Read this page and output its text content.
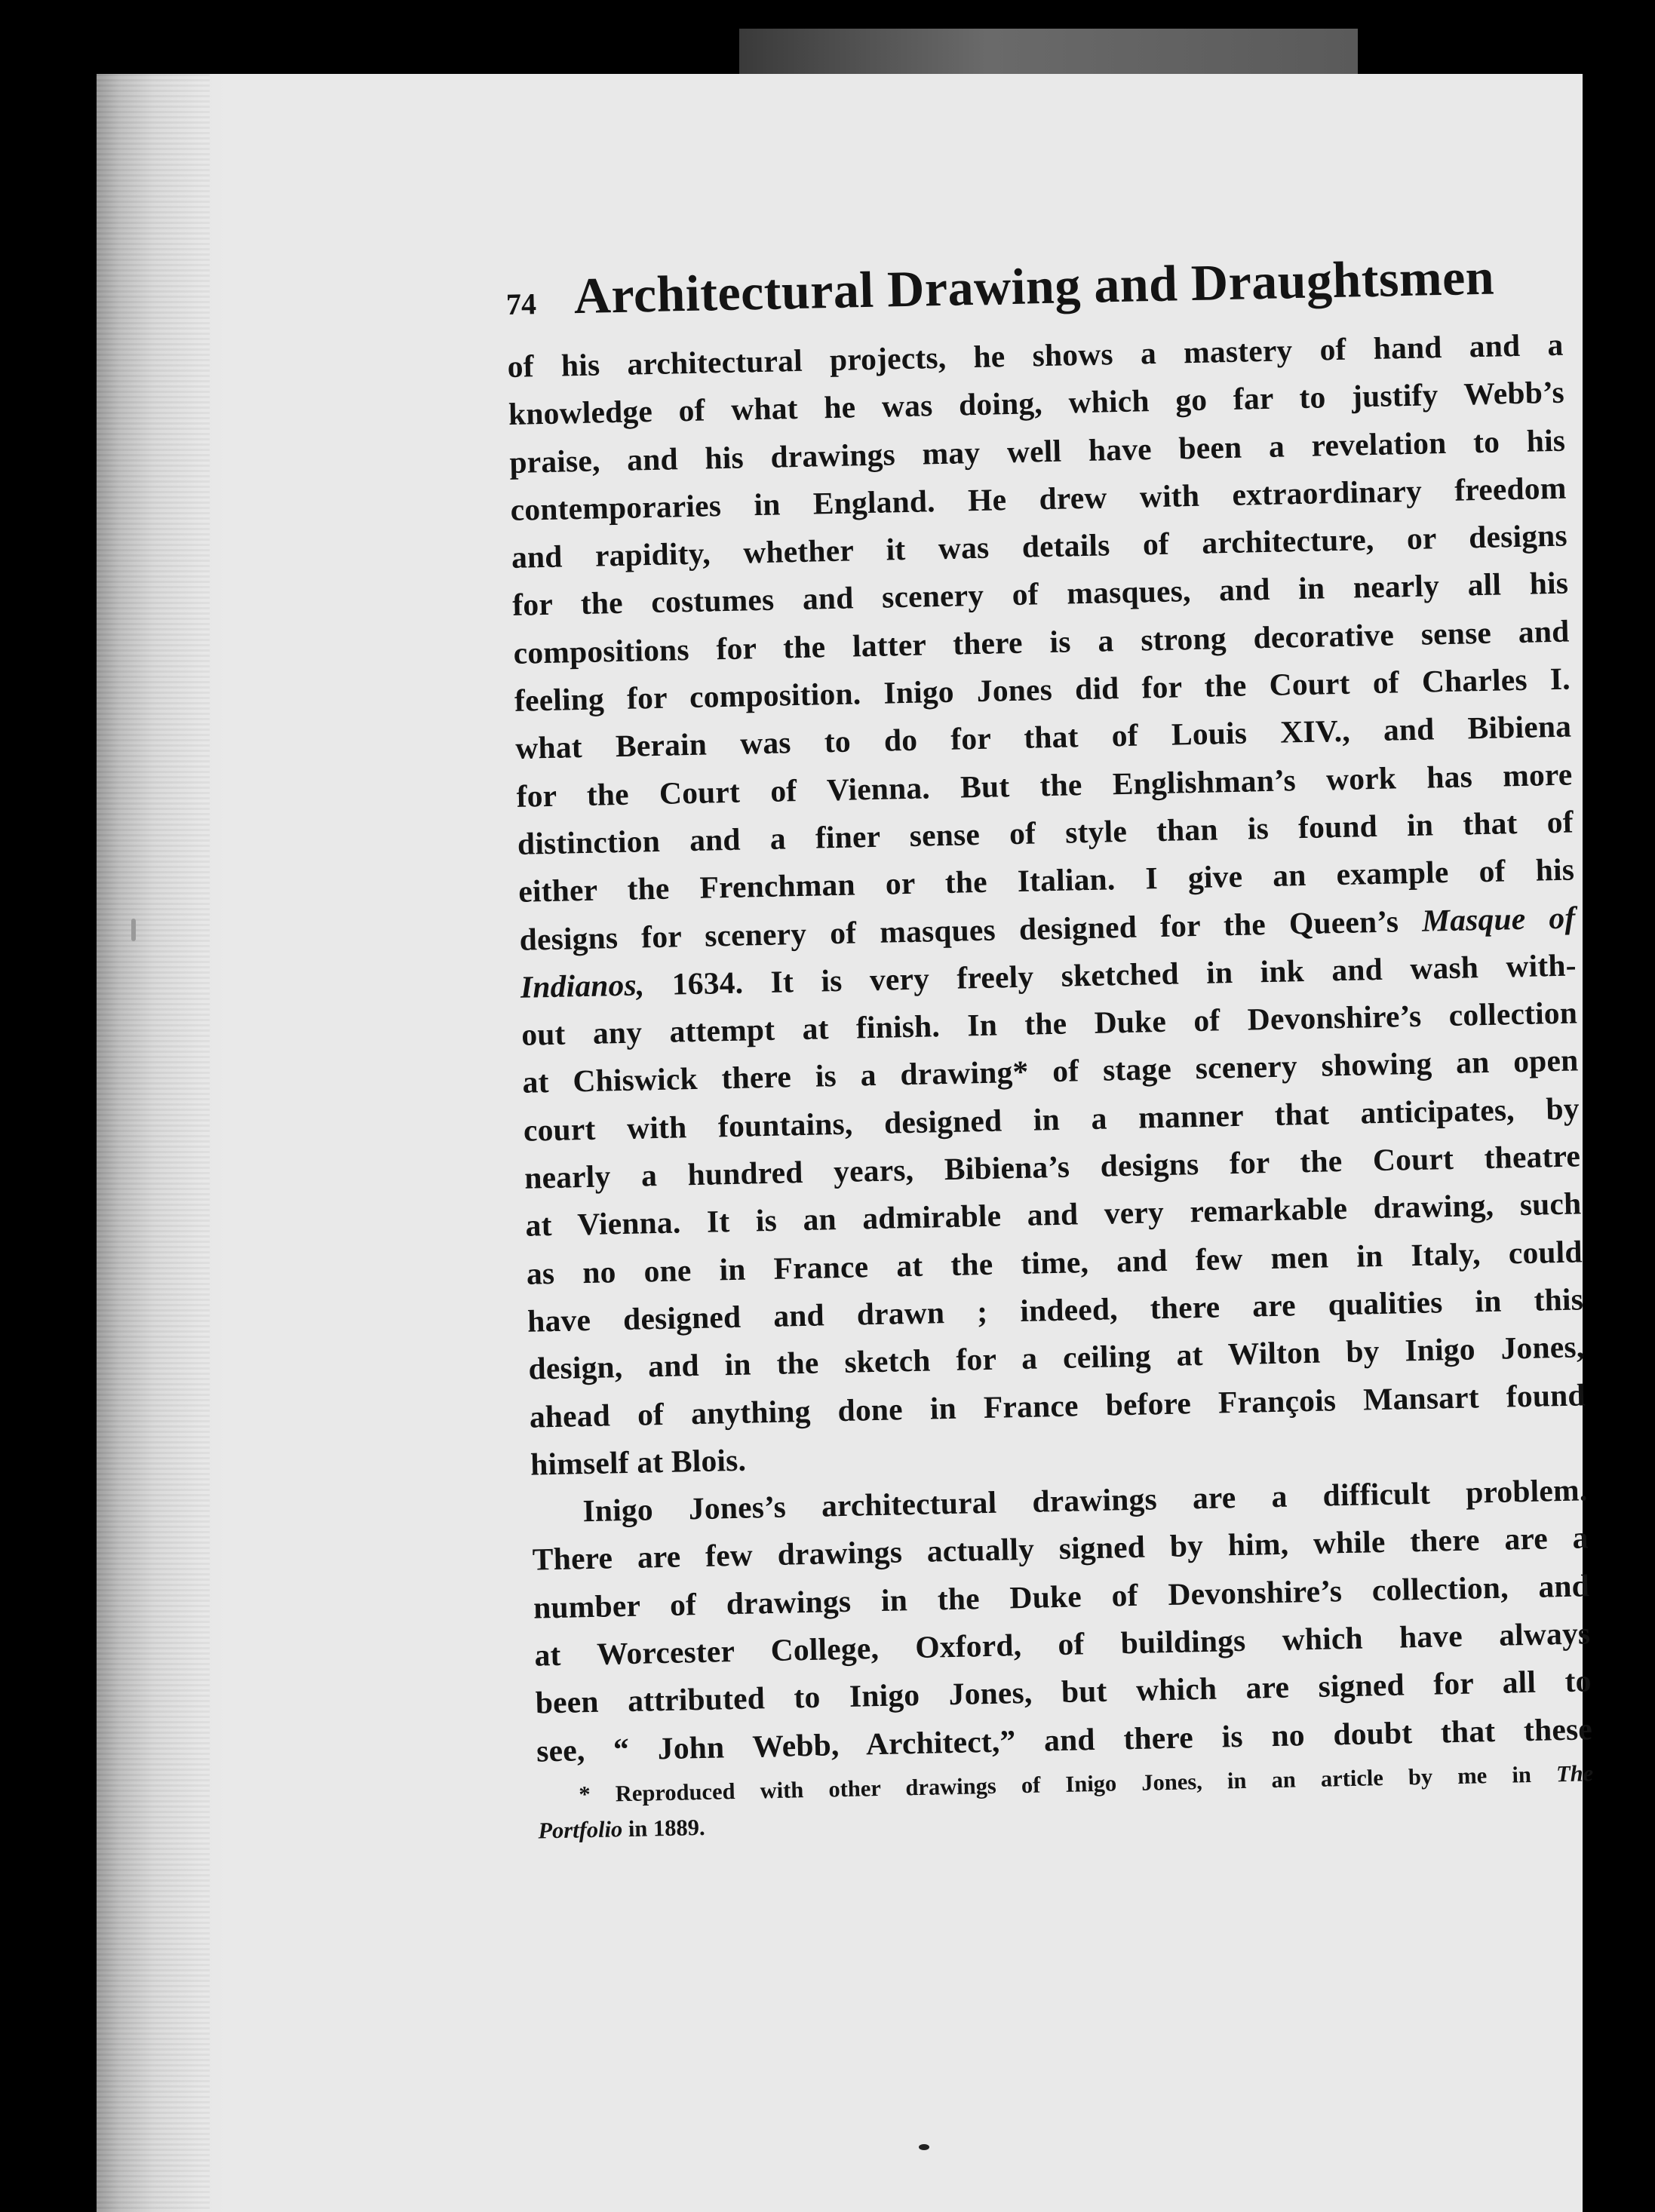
74 Architectural Drawing and Draughtsmen

of his architectural projects, he shows a mastery of hand and a

knowledge of what he was doing, which go far to justify Webb’s

praise, and his drawings may well have been a revelation to his

contemporaries in England. He drew with extraordinary freedom

and rapidity, whether it was details of architecture, or designs

for the costumes and scenery of masques, and in nearly all his

compositions for the latter there is a strong decorative sense and

feeling for composition. Inigo Jones did for the Court of Charles I.

what Berain was to do for that of Louis XIV., and Bibiena

for the Court of Vienna. But the Englishman’s work has more

distinction and a finer sense of style than is found in that of

either the Frenchman or the Italian. I give an example of his

designs for scenery of masques designed for the Queen’s Masque of

Indianos, 1634. It is very freely sketched in ink and wash with-

out any attempt at finish. In the Duke of Devonshire’s collection

at Chiswick there is a drawing* of stage scenery showing an open

court with fountains, designed in a manner that anticipates, by

nearly a hundred years, Bibiena’s designs for the Court theatre

at Vienna. It is an admirable and very remarkable drawing, such

as no one in France at the time, and few men in Italy, could

have designed and drawn ; indeed, there are qualities in this

design, and in the sketch for a ceiling at Wilton by Inigo Jones,

ahead of anything done in France before François Mansart found

himself at Blois.

Inigo Jones’s architectural drawings are a difficult problem.

There are few drawings actually signed by him, while there are a

number of drawings in the Duke of Devonshire’s collection, and

at Worcester College, Oxford, of buildings which have always

been attributed to Inigo Jones, but which are signed for all to

see, “ John Webb, Architect,” and there is no doubt that these

* Reproduced with other drawings of Inigo Jones, in an article by me in The

Portfolio in 1889.
